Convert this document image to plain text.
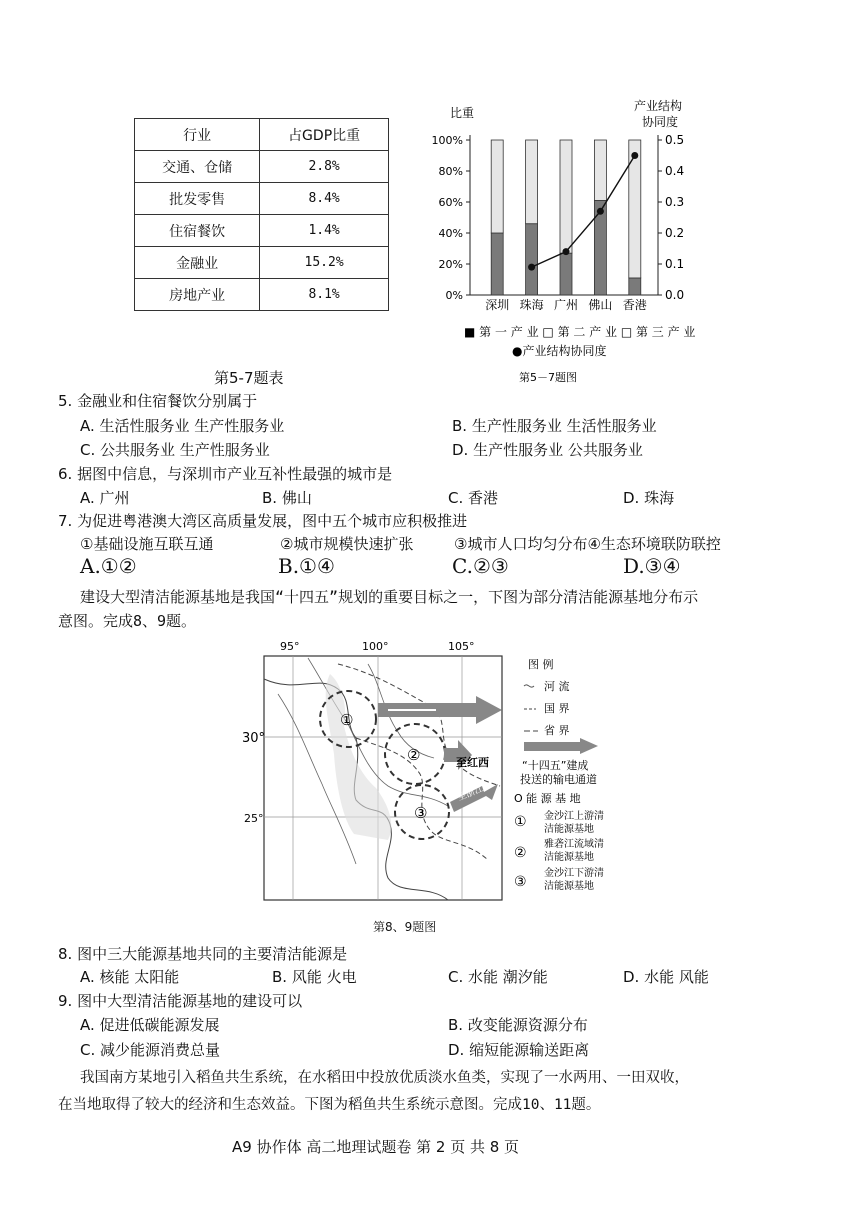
行业	占GDP比重
交通、仓储	2.8%
批发零售	8.4%
住宿餐饮	1.4%
金融业	15.2%
房地产业	8.1%
第5-7题表
比重	产业结构
协同度
100%
80%
60%
40%
20%
0%
0.5
0.4
0.3
0.2
0.1
0.0
深圳 珠海 广州 佛山 香港
■ 第 一 产 业 □ 第 二 产 业 □ 第 三 产 业
●产业结构协同度
第5－7题图
5. 金融业和住宿餐饮分别属于
A. 生活性服务业 生产性服务业	B. 生产性服务业 生活性服务业
C. 公共服务业 生产性服务业	D. 生产性服务业 公共服务业
6. 据图中信息，与深圳市产业互补性最强的城市是
A. 广州	B. 佛山	C. 香港	D. 珠海
7. 为促进粤港澳大湾区高质量发展，图中五个城市应积极推进
①基础设施互联互通	②城市规模快速扩张	③城市人口均匀分布④生态环境联防联控
A.①②	B.①④	C.②③	D.③④
建设大型清洁能源基地是我国“十四五”规划的重要目标之一，下图为部分清洁能源基地分布示
意图。完成8、9题。
95°	100°	105°
30°
25°
①
②
③
至红西
至浙江
图 例
河 流
国 界
省 界
“十四五”建成
投送的输电通道
O 能 源 基 地
① 金沙江上游清
洁能源基地
②
雅砻江流域清
洁能源基地
③
金沙江下游清
洁能源基地
第8、9题图
8. 图中三大能源基地共同的主要清洁能源是
A. 核能 太阳能	B. 风能 火电	C. 水能 潮汐能	D. 水能 风能
9. 图中大型清洁能源基地的建设可以
A. 促进低碳能源发展	B. 改变能源资源分布
C. 减少能源消费总量	D. 缩短能源输送距离
我国南方某地引入稻鱼共生系统，在水稻田中投放优质淡水鱼类，实现了一水两用、一田双收，
在当地取得了较大的经济和生态效益。下图为稻鱼共生系统示意图。完成10、11题。
A9 协作体 高二地理试题卷 第 2 页 共 8 页
